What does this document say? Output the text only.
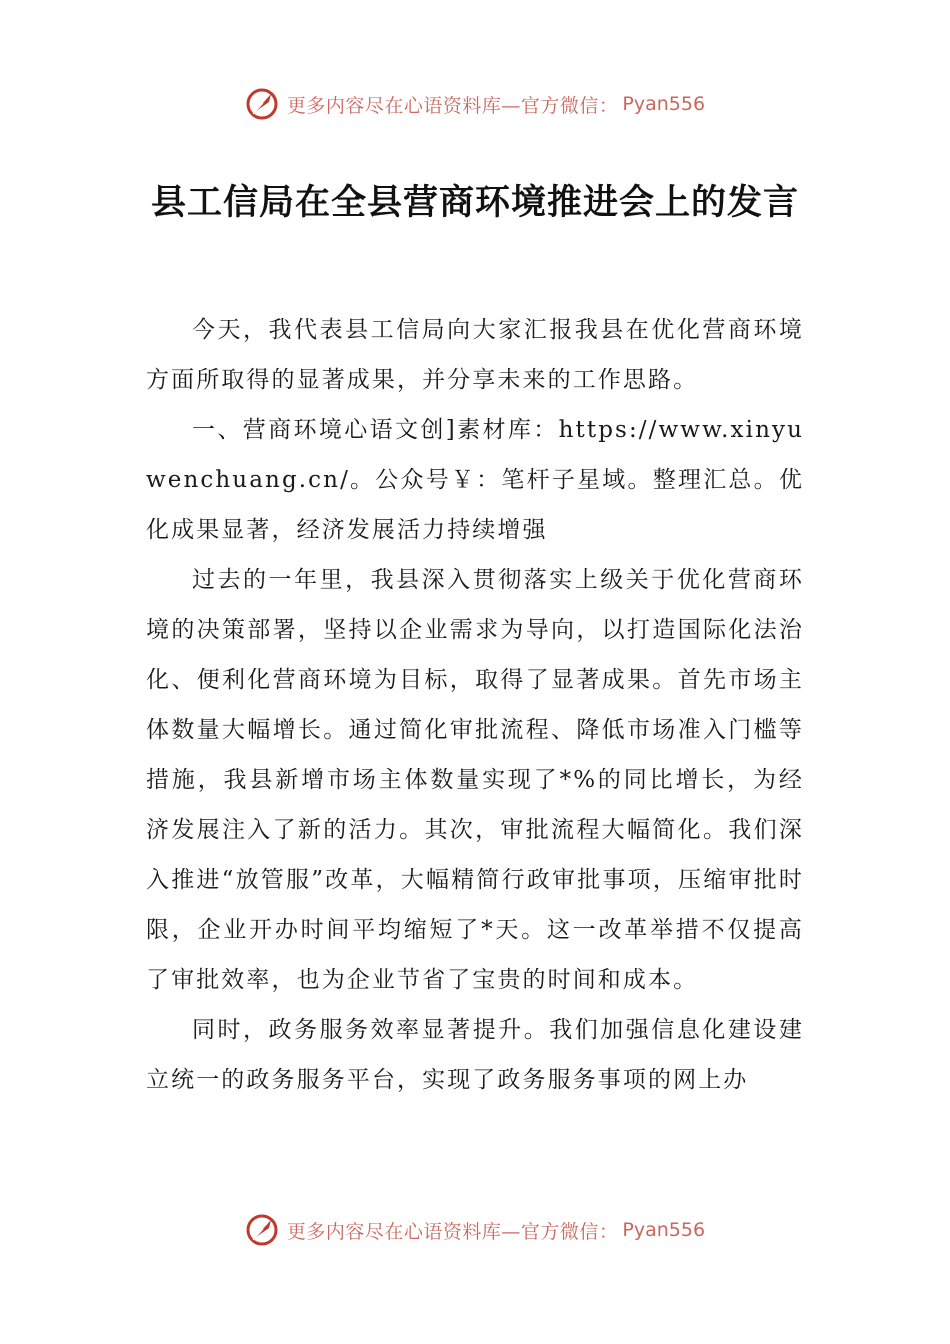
更多内容尽在心语资料库—官方微信： Pyan556
县工信局在全县营商环境推进会上的发言

今天，我代表县工信局向大家汇报我县在优化营商环境方面所取得的显著成果，并分享未来的工作思路。

一、营商环境心语文创]素材库：https://www.xinyuwenchuang.cn/。公众号￥：笔杆子星域。整理汇总。优化成果显著，经济发展活力持续增强

过去的一年里，我县深入贯彻落实上级关于优化营商环境的决策部署，坚持以企业需求为导向，以打造国际化法治化、便利化营商环境为目标，取得了显著成果。首先市场主体数量大幅增长。通过简化审批流程、降低市场准入门槛等措施，我县新增市场主体数量实现了*%的同比增长，为经济发展注入了新的活力。其次，审批流程大幅简化。我们深入推进“放管服”改革，大幅精简行政审批事项，压缩审批时限，企业开办时间平均缩短了*天。这一改革举措不仅提高了审批效率，也为企业节省了宝贵的时间和成本。

同时，政务服务效率显著提升。我们加强信息化建设建立统一的政务服务平台，实现了政务服务事项的网上办

更多内容尽在心语资料库—官方微信： Pyan556
